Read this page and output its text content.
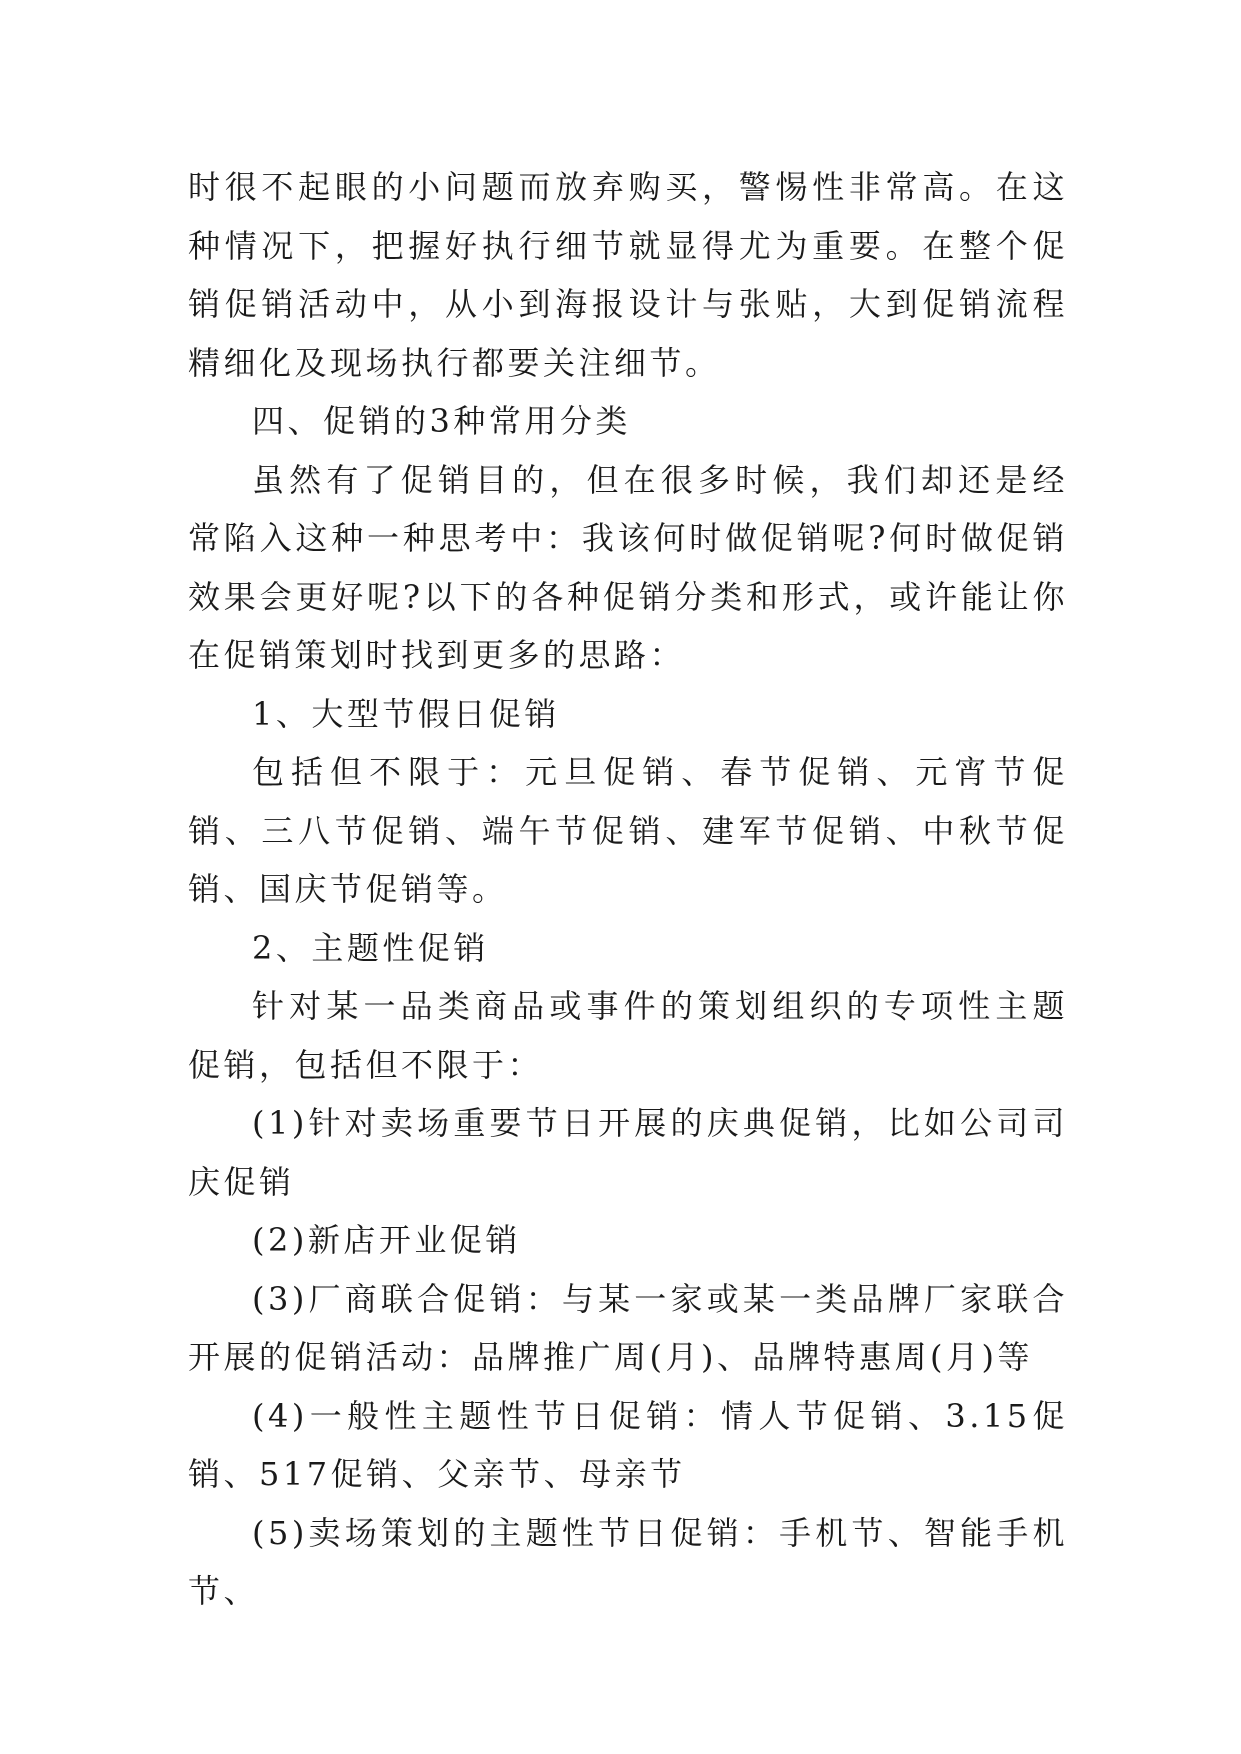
时很不起眼的小问题而放弃购买，警惕性非常高。在这种情况下，把握好执行细节就显得尤为重要。在整个促销促销活动中，从小到海报设计与张贴，大到促销流程精细化及现场执行都要关注细节。

四、促销的3种常用分类

虽然有了促销目的，但在很多时候，我们却还是经常陷入这种一种思考中：我该何时做促销呢?何时做促销效果会更好呢?以下的各种促销分类和形式，或许能让你在促销策划时找到更多的思路：

1、大型节假日促销

包括但不限于：元旦促销、春节促销、元宵节促销、三八节促销、端午节促销、建军节促销、中秋节促销、国庆节促销等。

2、主题性促销

针对某一品类商品或事件的策划组织的专项性主题促销，包括但不限于：

(1)针对卖场重要节日开展的庆典促销，比如公司司庆促销

(2)新店开业促销

(3)厂商联合促销：与某一家或某一类品牌厂家联合开展的促销活动：品牌推广周(月)、品牌特惠周(月)等

(4)一般性主题性节日促销：情人节促销、3.15促销、517促销、父亲节、母亲节

(5)卖场策划的主题性节日促销：手机节、智能手机节、
